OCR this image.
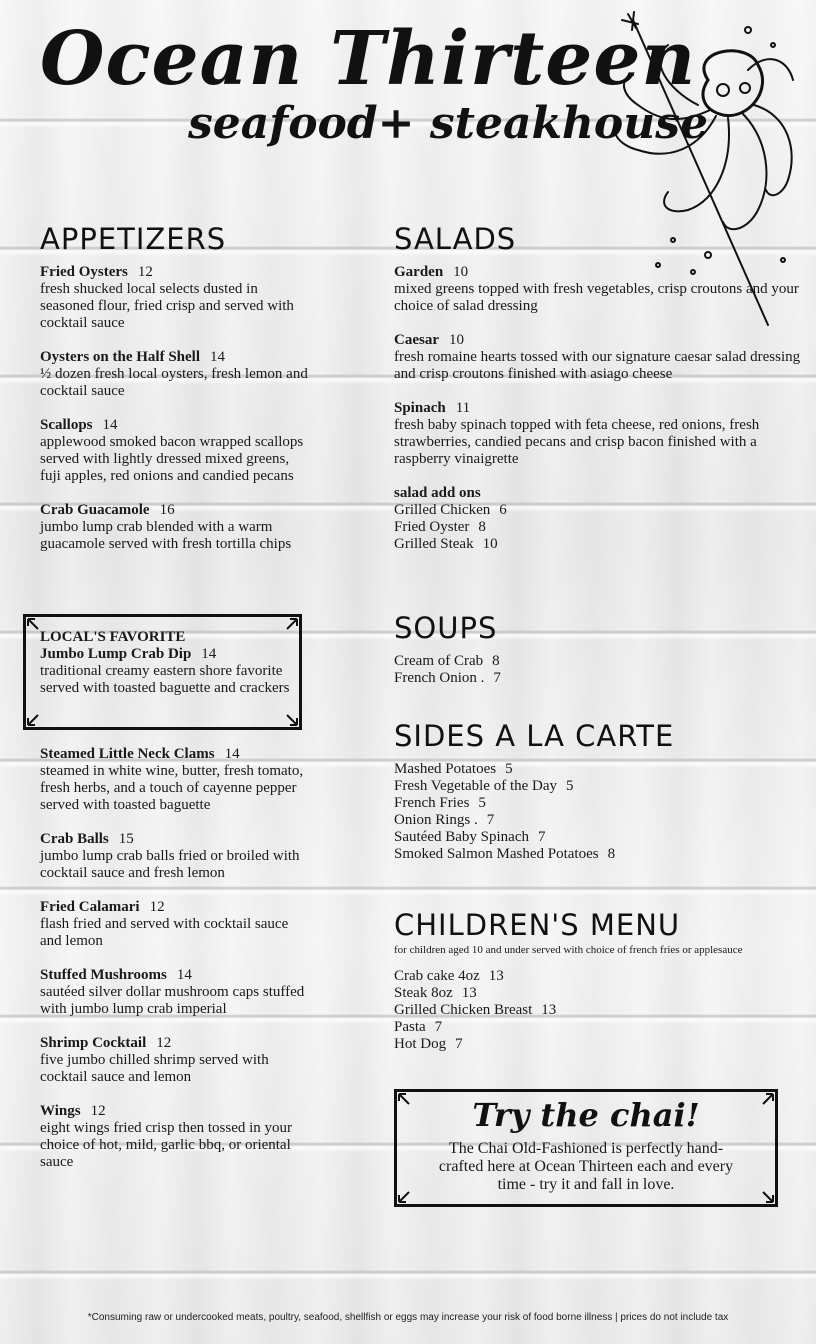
Ocean Thirteen
seafood+ steakhouse
APPETIZERS
Fried Oysters 12
fresh shucked local selects dusted in seasoned flour, fried crisp and served with cocktail sauce
Oysters on the Half Shell 14
½ dozen fresh local oysters, fresh lemon and cocktail sauce
Scallops 14
applewood smoked bacon wrapped scallops served with lightly dressed mixed greens, fuji apples, red onions and candied pecans
Crab Guacamole 16
jumbo lump crab blended with a warm guacamole served with fresh tortilla chips
LOCAL'S FAVORITE
Jumbo Lump Crab Dip 14
traditional creamy eastern shore favorite served with toasted baguette and crackers
Steamed Little Neck Clams 14
steamed in white wine, butter, fresh tomato, fresh herbs, and a touch of cayenne pepper served with toasted baguette
Crab Balls 15
jumbo lump crab balls fried or broiled with cocktail sauce and fresh lemon
Fried Calamari 12
flash fried and served with cocktail sauce and lemon
Stuffed Mushrooms 14
sautéed silver dollar mushroom caps stuffed with jumbo lump crab imperial
Shrimp Cocktail 12
five jumbo chilled shrimp served with cocktail sauce and lemon
Wings 12
eight wings fried crisp then tossed in your choice of hot, mild, garlic bbq, or oriental sauce
SALADS
Garden 10
mixed greens topped with fresh vegetables, crisp croutons and your choice of salad dressing
Caesar 10
fresh romaine hearts tossed with our signature caesar salad dressing and crisp croutons finished with asiago cheese
Spinach 11
fresh baby spinach topped with feta cheese, red onions, fresh strawberries, candied pecans and crisp bacon finished with a raspberry vinaigrette
salad add ons
Grilled Chicken 6
Fried Oyster 8
Grilled Steak 10
SOUPS
Cream of Crab 8
French Onion . 7
SIDES A LA CARTE
Mashed Potatoes 5
Fresh Vegetable of the Day 5
French Fries 5
Onion Rings . 7
Sautéed Baby Spinach 7
Smoked Salmon Mashed Potatoes 8
CHILDREN'S MENU
for children aged 10 and under served with choice of french fries or applesauce
Crab cake 4oz 13
Steak 8oz 13
Grilled Chicken Breast 13
Pasta 7
Hot Dog 7
Try the chai!
The Chai Old-Fashioned is perfectly hand-crafted here at Ocean Thirteen each and every time - try it and fall in love.
*Consuming raw or undercooked meats, poultry, seafood, shellfish or eggs may increase your risk of food borne illness | prices do not include tax
